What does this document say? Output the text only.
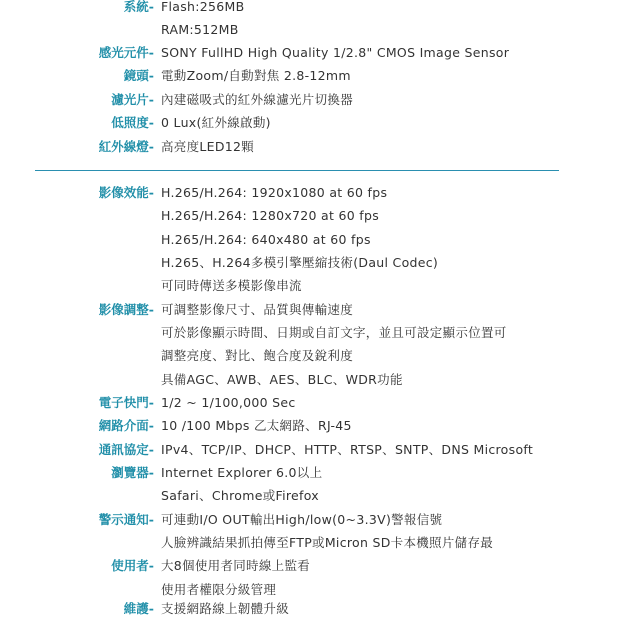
系統- Flash:256MB
RAM:512MB
感光元件- SONY FullHD High Quality 1/2.8" CMOS Image Sensor
鏡頭- 電動Zoom/自動對焦 2.8-12mm
濾光片- 內建磁吸式的紅外線濾光片切換器
低照度- 0 Lux(紅外線啟動)
紅外線燈- 高亮度LED12顆
影像效能- H.265/H.264: 1920x1080 at 60 fps
H.265/H.264: 1280x720 at 60 fps
H.265/H.264: 640x480 at 60 fps
H.265、H.264多模引擎壓縮技術(Daul Codec)
可同時傳送多模影像串流
影像調整- 可調整影像尺寸、品質與傳輸速度
可於影像顯示時間、日期或自訂文字，並且可設定顯示位置可
調整亮度、對比、飽合度及銳利度
具備AGC、AWB、AES、BLC、WDR功能
電子快門- 1/2 ~ 1/100,000 Sec
網路介面- 10 /100 Mbps 乙太網路、RJ-45
通訊協定- IPv4、TCP/IP、DHCP、HTTP、RTSP、SNTP、DNS Microsoft
瀏覽器- Internet Explorer 6.0以上
Safari、Chrome或Firefox
警示通知- 可連動I/O OUT輸出High/low(0~3.3V)警報信號
人臉辨識結果抓拍傳至FTP或Micron SD卡本機照片儲存最
使用者- 大8個使用者同時線上監看
使用者權限分級管理
維護- 支援網路線上韌體升級
